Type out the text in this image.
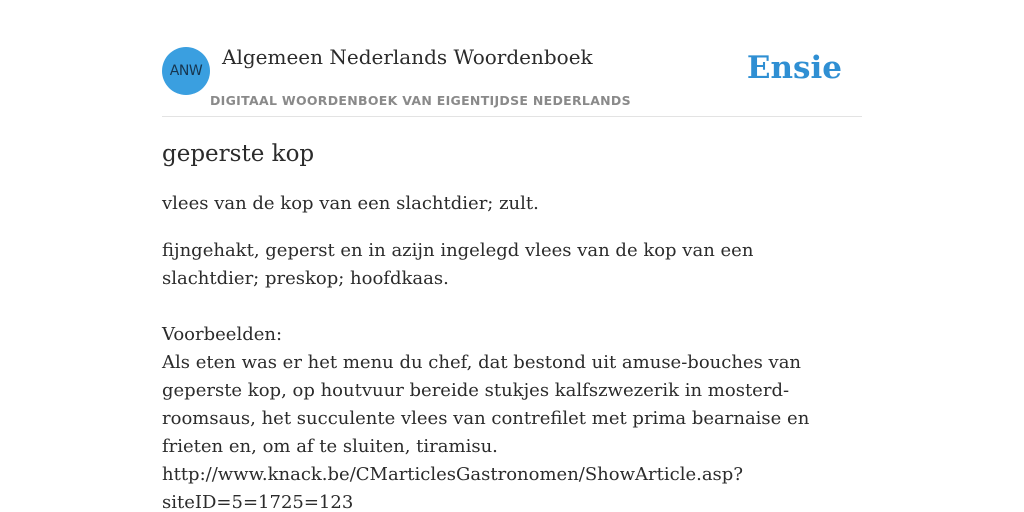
ANW
Algemeen Nederlands Woordenboek
DIGITAAL WOORDENBOEK VAN EIGENTIJDSE NEDERLANDS
Ensie
geperste kop

vlees van de kop van een slachtdier; zult.

fijngehakt, geperst en in azijn ingelegd vlees van de kop van een slachtdier; preskop; hoofdkaas.

Voorbeelden:

Als eten was er het menu du chef, dat bestond uit amuse-bouches van geperste kop, op houtvuur bereide stukjes kalfszwezerik in mosterd-roomsaus, het succulente vlees van contrefilet met prima bearnaise en frieten en, om af te sluiten, tiramisu.

http://www.knack.be/CMarticlesGastronomen/ShowArticle.asp?

siteID=5=1725=123
